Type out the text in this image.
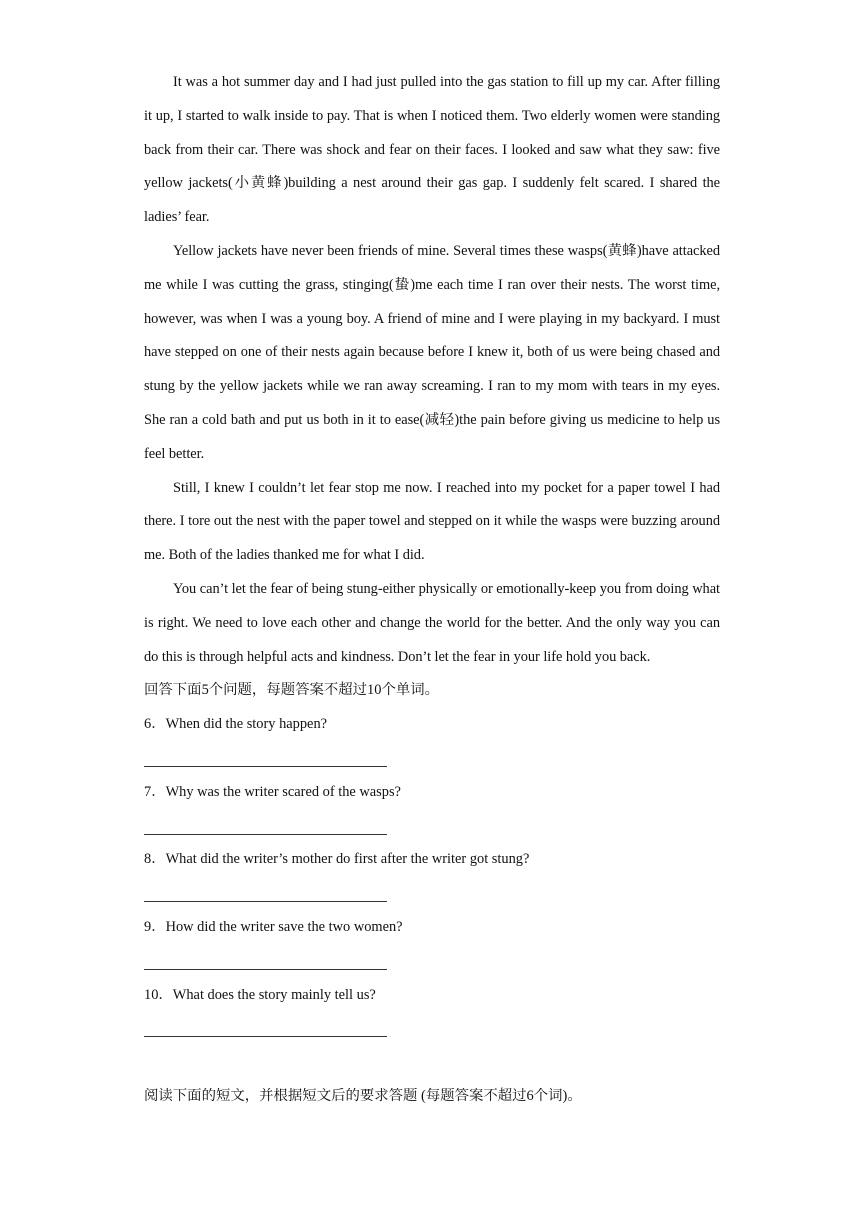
It was a hot summer day and I had just pulled into the gas station to fill up my car. After filling it up, I started to walk inside to pay. That is when I noticed them. Two elderly women were standing back from their car. There was shock and fear on their faces. I looked and saw what they saw: five yellow jackets(小黄蜂)building a nest around their gas gap. I suddenly felt scared. I shared the ladies’ fear.

Yellow jackets have never been friends of mine. Several times these wasps(黄蜂)have attacked me while I was cutting the grass, stinging(蛰)me each time I ran over their nests. The worst time, however, was when I was a young boy. A friend of mine and I were playing in my backyard. I must have stepped on one of their nests again because before I knew it, both of us were being chased and stung by the yellow jackets while we ran away screaming. I ran to my mom with tears in my eyes. She ran a cold bath and put us both in it to ease(减轻)the pain before giving us medicine to help us feel better.

Still, I knew I couldn’t let fear stop me now. I reached into my pocket for a paper towel I had there. I tore out the nest with the paper towel and stepped on it while the wasps were buzzing around me. Both of the ladies thanked me for what I did.

You can’t let the fear of being stung-either physically or emotionally-keep you from doing what is right. We need to love each other and change the world for the better. And the only way you can do this is through helpful acts and kindness. Don’t let the fear in your life hold you back.

回答下面5个问题，每题答案不超过10个单词。

6．When did the story happen?

7．Why was the writer scared of the wasps?

8．What did the writer’s mother do first after the writer got stung?

9．How did the writer save the two women?

10．What does the story mainly tell us?

阅读下面的短文，并根据短文后的要求答题 (每题答案不超过6个词)。
